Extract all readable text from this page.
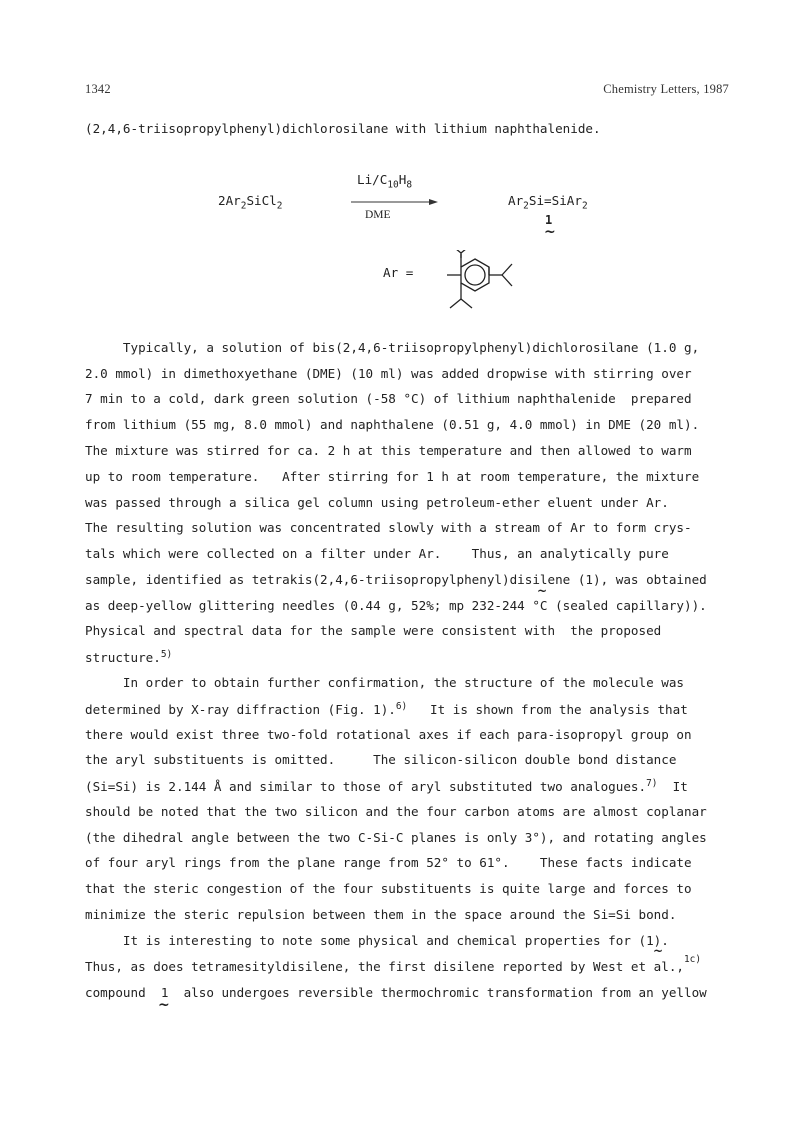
1342	Chemistry Letters, 1987
(2,4,6-triisopropylphenyl)dichlorosilane with lithium naphthalenide.
$2Ar_2SiCl_2$
$Li/C_{10}H_8$
DME
$Ar_2Si=SiAr_2$
1
~
Ar =
Typically, a solution of bis(2,4,6-triisopropylphenyl)dichlorosilane (1.0 g,
2.0 mmol) in dimethoxyethane (DME) (10 ml) was added dropwise with stirring over
7 min to a cold, dark green solution (-58 °C) of lithium naphthalenide  prepared
from lithium (55 mg, 8.0 mmol) and naphthalene (0.51 g, 4.0 mmol) in DME (20 ml).
The mixture was stirred for ca. 2 h at this temperature and then allowed to warm
up to room temperature.   After stirring for 1 h at room temperature, the mixture
was passed through a silica gel column using petroleum-ether eluent under Ar.
The resulting solution was concentrated slowly with a stream of Ar to form crys-
tals which were collected on a filter under Ar.    Thus, an analytically pure
sample, identified as tetrakis(2,4,6-triisopropylphenyl)disilene (1), was obtained
~
as deep-yellow glittering needles (0.44 g, 52%; mp 232-244 °C (sealed capillary)).
Physical and spectral data for the sample were consistent with  the proposed
structure.$^{5)}$
In order to obtain further confirmation, the structure of the molecule was
determined by X-ray diffraction (Fig. 1).$^{6)}$   It is shown from the analysis that
there would exist three two-fold rotational axes if each para-isopropyl group on
the aryl substituents is omitted.     The silicon-silicon double bond distance
(Si=Si) is 2.144 Å and similar to those of aryl substituted two analogues.$^{7)}$  It
should be noted that the two silicon and the four carbon atoms are almost coplanar
(the dihedral angle between the two C-Si-C planes is only 3°), and rotating angles
of four aryl rings from the plane range from 52° to 61°.    These facts indicate
that the steric congestion of the four substituents is quite large and forces to
minimize the steric repulsion between them in the space around the Si=Si bond.
It is interesting to note some physical and chemical properties for (1).
~
Thus, as does tetramesityldisilene, the first disilene reported by West et al.,$^{1c)}$
compound  1  also undergoes reversible thermochromic transformation from an yellow
~
